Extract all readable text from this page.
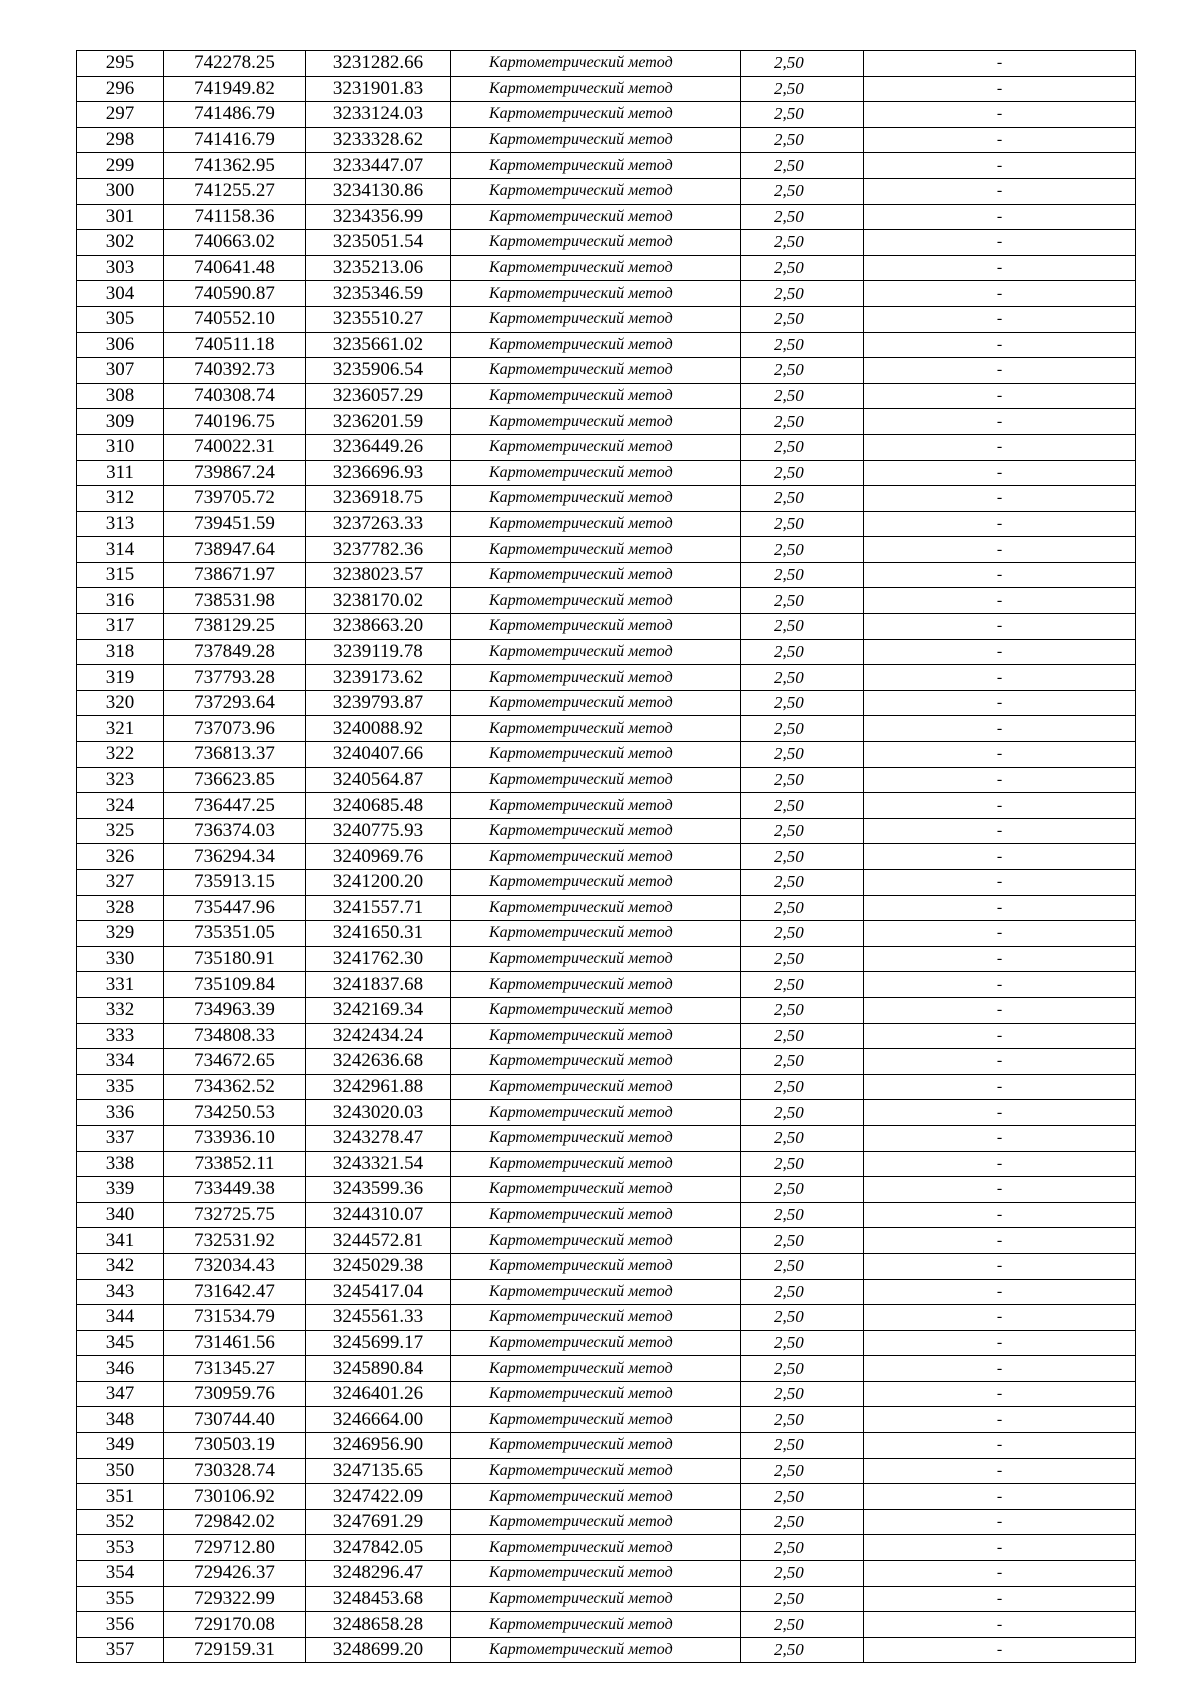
295	742278.25	3231282.66	Картометрический метод	2,50	-
296	741949.82	3231901.83	Картометрический метод	2,50	-
297	741486.79	3233124.03	Картометрический метод	2,50	-
298	741416.79	3233328.62	Картометрический метод	2,50	-
299	741362.95	3233447.07	Картометрический метод	2,50	-
300	741255.27	3234130.86	Картометрический метод	2,50	-
301	741158.36	3234356.99	Картометрический метод	2,50	-
302	740663.02	3235051.54	Картометрический метод	2,50	-
303	740641.48	3235213.06	Картометрический метод	2,50	-
304	740590.87	3235346.59	Картометрический метод	2,50	-
305	740552.10	3235510.27	Картометрический метод	2,50	-
306	740511.18	3235661.02	Картометрический метод	2,50	-
307	740392.73	3235906.54	Картометрический метод	2,50	-
308	740308.74	3236057.29	Картометрический метод	2,50	-
309	740196.75	3236201.59	Картометрический метод	2,50	-
310	740022.31	3236449.26	Картометрический метод	2,50	-
311	739867.24	3236696.93	Картометрический метод	2,50	-
312	739705.72	3236918.75	Картометрический метод	2,50	-
313	739451.59	3237263.33	Картометрический метод	2,50	-
314	738947.64	3237782.36	Картометрический метод	2,50	-
315	738671.97	3238023.57	Картометрический метод	2,50	-
316	738531.98	3238170.02	Картометрический метод	2,50	-
317	738129.25	3238663.20	Картометрический метод	2,50	-
318	737849.28	3239119.78	Картометрический метод	2,50	-
319	737793.28	3239173.62	Картометрический метод	2,50	-
320	737293.64	3239793.87	Картометрический метод	2,50	-
321	737073.96	3240088.92	Картометрический метод	2,50	-
322	736813.37	3240407.66	Картометрический метод	2,50	-
323	736623.85	3240564.87	Картометрический метод	2,50	-
324	736447.25	3240685.48	Картометрический метод	2,50	-
325	736374.03	3240775.93	Картометрический метод	2,50	-
326	736294.34	3240969.76	Картометрический метод	2,50	-
327	735913.15	3241200.20	Картометрический метод	2,50	-
328	735447.96	3241557.71	Картометрический метод	2,50	-
329	735351.05	3241650.31	Картометрический метод	2,50	-
330	735180.91	3241762.30	Картометрический метод	2,50	-
331	735109.84	3241837.68	Картометрический метод	2,50	-
332	734963.39	3242169.34	Картометрический метод	2,50	-
333	734808.33	3242434.24	Картометрический метод	2,50	-
334	734672.65	3242636.68	Картометрический метод	2,50	-
335	734362.52	3242961.88	Картометрический метод	2,50	-
336	734250.53	3243020.03	Картометрический метод	2,50	-
337	733936.10	3243278.47	Картометрический метод	2,50	-
338	733852.11	3243321.54	Картометрический метод	2,50	-
339	733449.38	3243599.36	Картометрический метод	2,50	-
340	732725.75	3244310.07	Картометрический метод	2,50	-
341	732531.92	3244572.81	Картометрический метод	2,50	-
342	732034.43	3245029.38	Картометрический метод	2,50	-
343	731642.47	3245417.04	Картометрический метод	2,50	-
344	731534.79	3245561.33	Картометрический метод	2,50	-
345	731461.56	3245699.17	Картометрический метод	2,50	-
346	731345.27	3245890.84	Картометрический метод	2,50	-
347	730959.76	3246401.26	Картометрический метод	2,50	-
348	730744.40	3246664.00	Картометрический метод	2,50	-
349	730503.19	3246956.90	Картометрический метод	2,50	-
350	730328.74	3247135.65	Картометрический метод	2,50	-
351	730106.92	3247422.09	Картометрический метод	2,50	-
352	729842.02	3247691.29	Картометрический метод	2,50	-
353	729712.80	3247842.05	Картометрический метод	2,50	-
354	729426.37	3248296.47	Картометрический метод	2,50	-
355	729322.99	3248453.68	Картометрический метод	2,50	-
356	729170.08	3248658.28	Картометрический метод	2,50	-
357	729159.31	3248699.20	Картометрический метод	2,50	-
